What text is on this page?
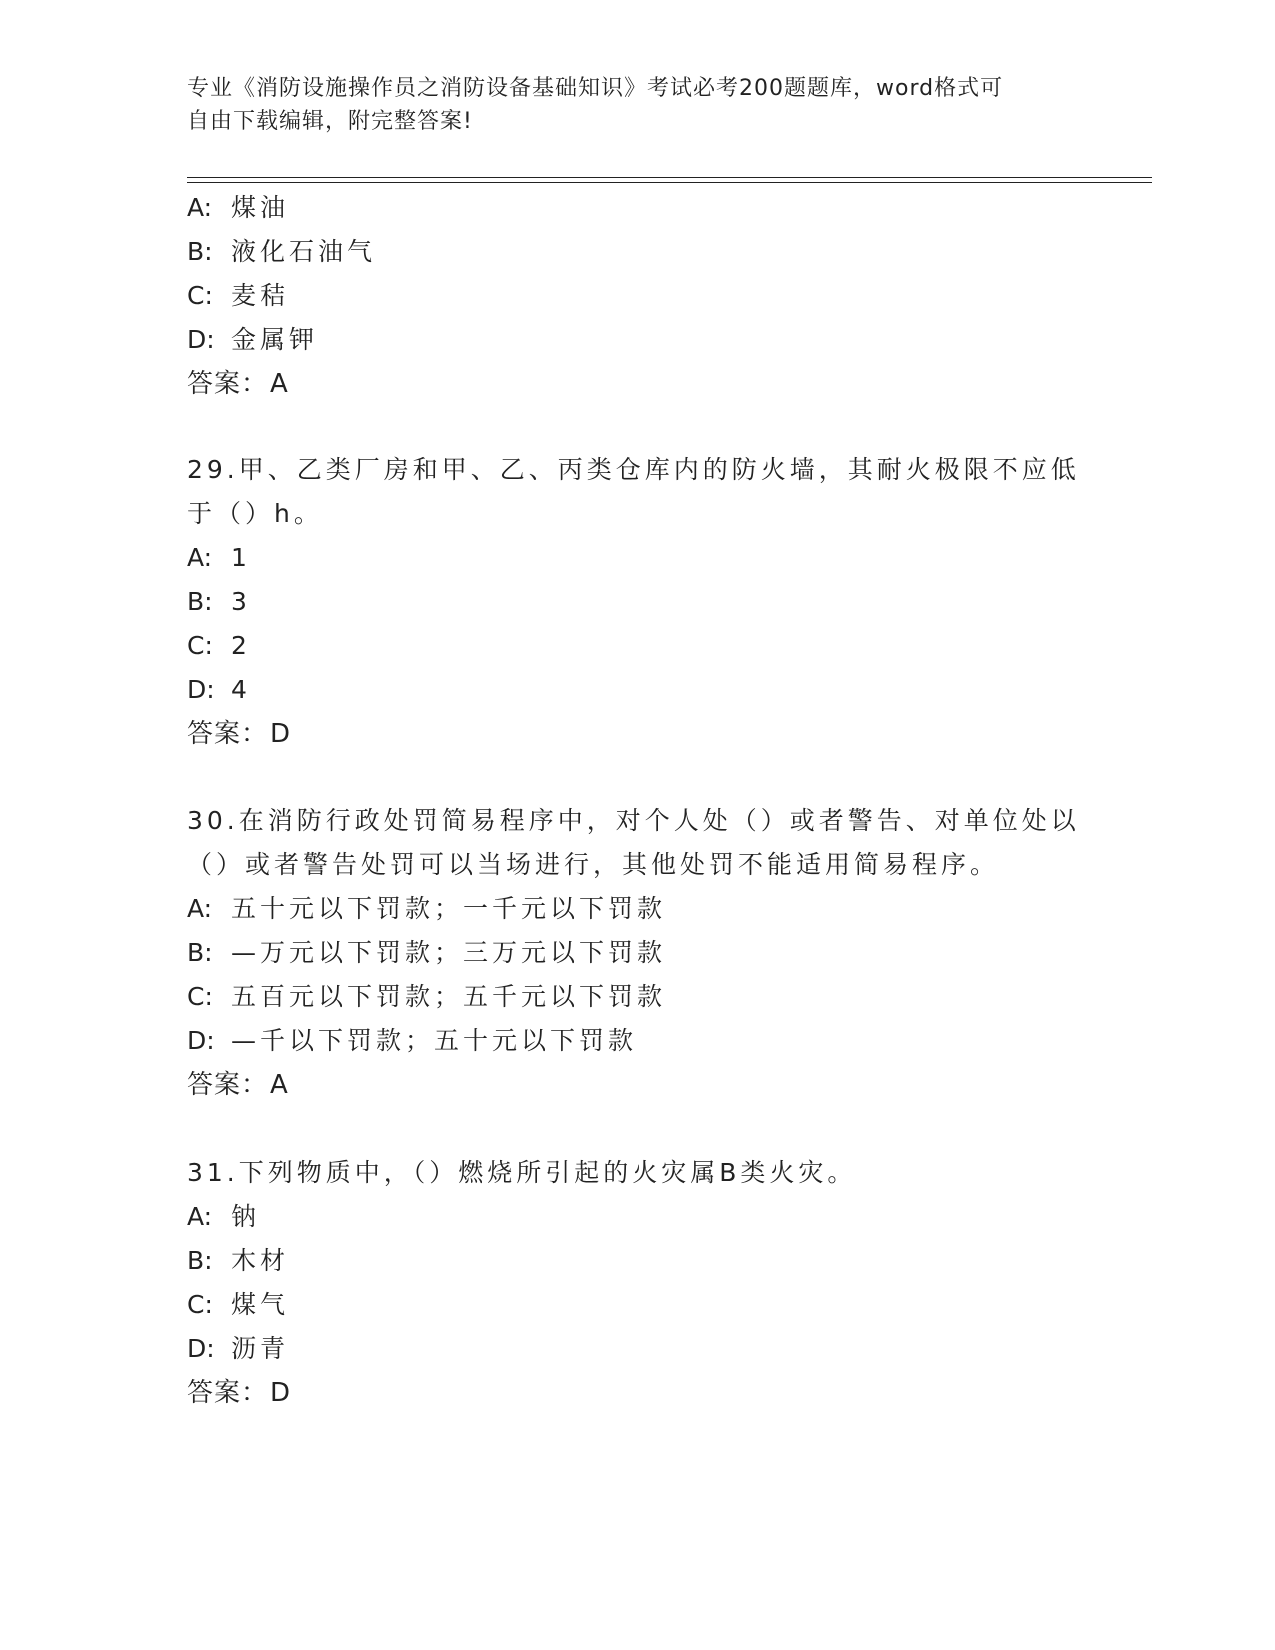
专业《消防设施操作员之消防设备基础知识》考试必考200题题库，word格式可
自由下载编辑，附完整答案!
A: 煤油
B: 液化石油气
C: 麦秸
D: 金属钾
答案：A
29.甲、乙类厂房和甲、乙、丙类仓库内的防火墙，其耐火极限不应低
于（）h。
A: 1
B: 3
C: 2
D: 4
答案：D
30.在消防行政处罚简易程序中，对个人处（）或者警告、对单位处以
（）或者警告处罚可以当场进行，其他处罚不能适用简易程序。
A: 五十元以下罚款；一千元以下罚款
B: —万元以下罚款；三万元以下罚款
C: 五百元以下罚款；五千元以下罚款
D: —千以下罚款；五十元以下罚款
答案：A
31.下列物质中，（）燃烧所引起的火灾属B类火灾。
A: 钠
B: 木材
C: 煤气
D: 沥青
答案：D
